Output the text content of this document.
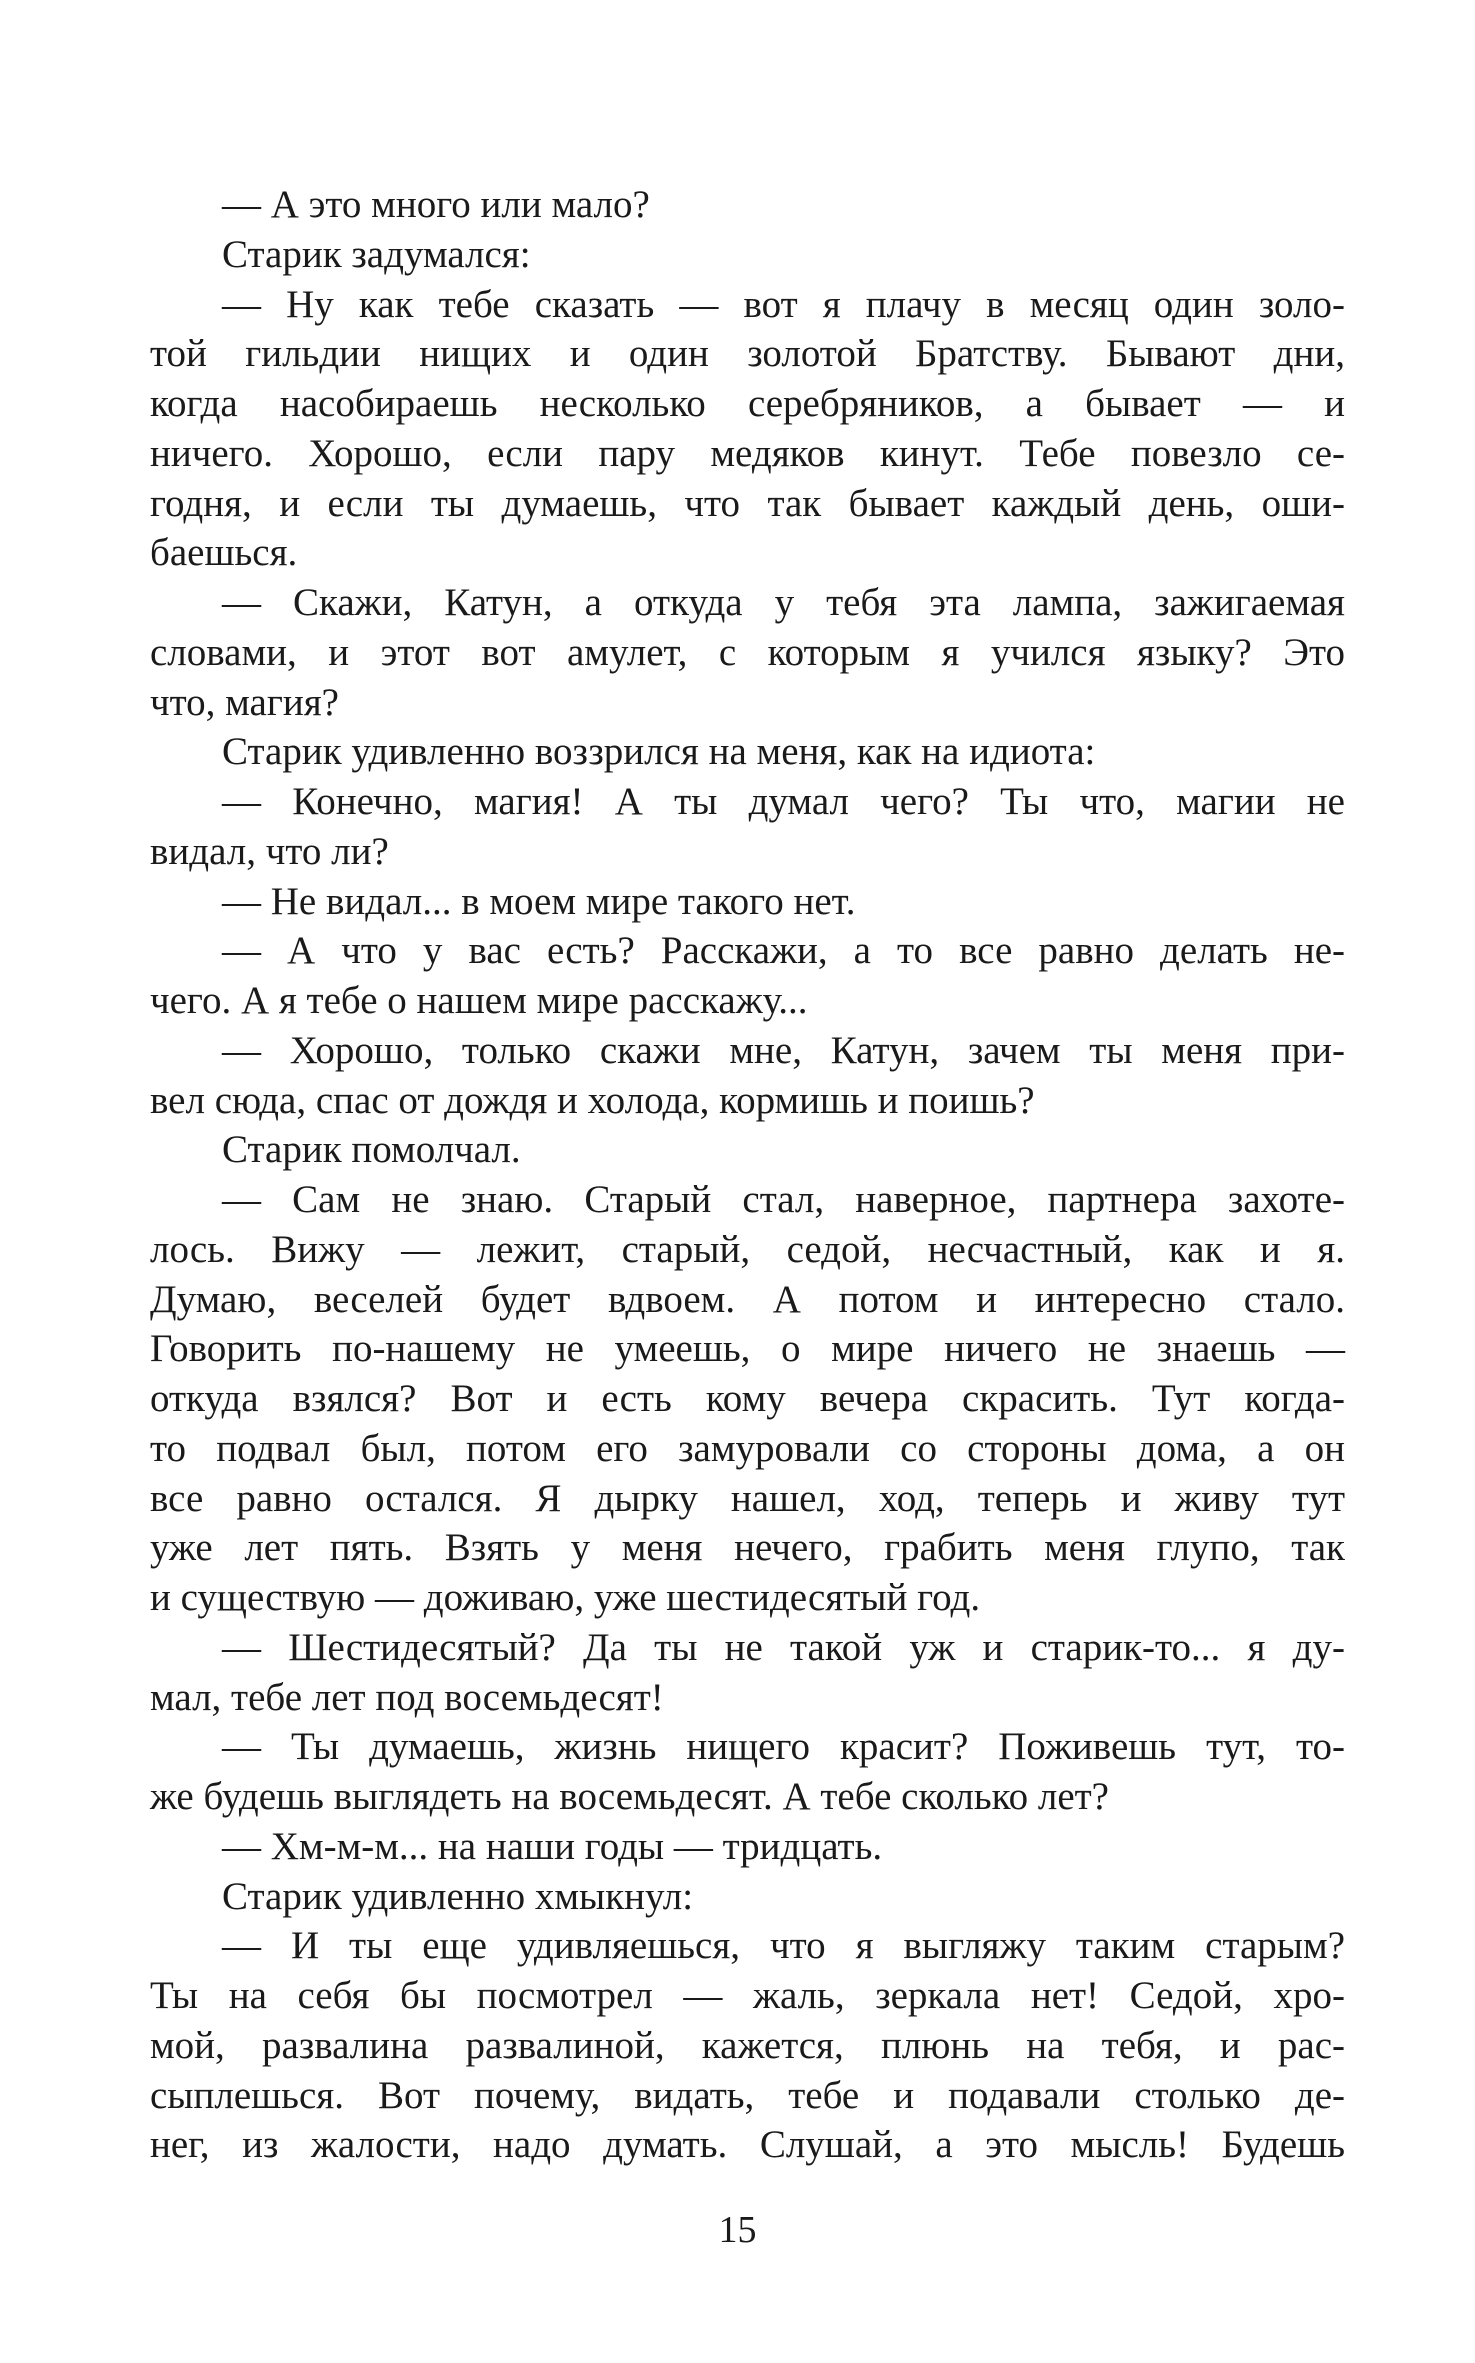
— А это много или мало?
Старик задумался:
— Ну как тебе сказать — вот я плачу в месяц один золо-
той гильдии нищих и один золотой Братству. Бывают дни,
когда насобираешь несколько серебряников, а бывает — и
ничего. Хорошо, если пару медяков кинут. Тебе повезло се-
годня, и если ты думаешь, что так бывает каждый день, оши-
баешься.
— Скажи, Катун, а откуда у тебя эта лампа, зажигаемая
словами, и этот вот амулет, с которым я учился языку? Это
что, магия?
Старик удивленно воззрился на меня, как на идиота:
— Конечно, магия! А ты думал чего? Ты что, магии не
видал, что ли?
— Не видал... в моем мире такого нет.
— А что у вас есть? Расскажи, а то все равно делать не-
чего. А я тебе о нашем мире расскажу...
— Хорошо, только скажи мне, Катун, зачем ты меня при-
вел сюда, спас от дождя и холода, кормишь и поишь?
Старик помолчал.
— Сам не знаю. Старый стал, наверное, партнера захоте-
лось. Вижу — лежит, старый, седой, несчастный, как и я.
Думаю, веселей будет вдвоем. А потом и интересно стало.
Говорить по-нашему не умеешь, о мире ничего не знаешь —
откуда взялся? Вот и есть кому вечера скрасить. Тут когда-
то подвал был, потом его замуровали со стороны дома, а он
все равно остался. Я дырку нашел, ход, теперь и живу тут
уже лет пять. Взять у меня нечего, грабить меня глупо, так
и существую — доживаю, уже шестидесятый год.
— Шестидесятый? Да ты не такой уж и старик-то... я ду-
мал, тебе лет под восемьдесят!
— Ты думаешь, жизнь нищего красит? Поживешь тут, то-
же будешь выглядеть на восемьдесят. А тебе сколько лет?
— Хм-м-м... на наши годы — тридцать.
Старик удивленно хмыкнул:
— И ты еще удивляешься, что я выгляжу таким старым?
Ты на себя бы посмотрел — жаль, зеркала нет! Седой, хро-
мой, развалина развалиной, кажется, плюнь на тебя, и рас-
сыплешься. Вот почему, видать, тебе и подавали столько де-
нег, из жалости, надо думать. Слушай, а это мысль! Будешь
15
